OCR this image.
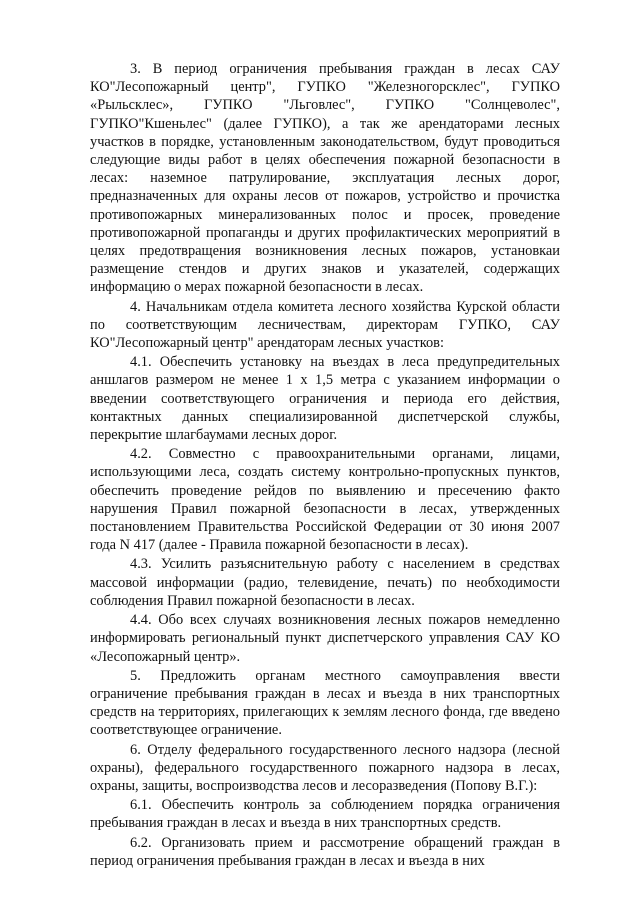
3. В период ограничения пребывания граждан в лесах САУ КО"Лесопожарный центр", ГУПКО "Железногорсклес", ГУПКО «Рыльсклес», ГУПКО "Льговлес", ГУПКО "Солнцеволес", ГУПКО"Кшеньлес" (далее ГУПКО), а так же арендаторами лесных участков в порядке, установленным законодательством, будут проводиться следующие виды работ в целях обеспечения пожарной безопасности в лесах: наземное патрулирование, эксплуатация лесных дорог, предназначенных для охраны лесов от пожаров, устройство и прочистка противопожарных минерализованных полос и просек, проведение противопожарной пропаганды и других профилактических мероприятий в целях предотвращения возникновения лесных пожаров, установкаи размещение стендов и других знаков и указателей, содержащих информацию о мерах пожарной безопасности в лесах.

4. Начальникам отдела комитета лесного хозяйства Курской области по соответствующим лесничествам, директорам ГУПКО, САУ КО"Лесопожарный центр" арендаторам лесных участков:

4.1. Обеспечить установку на въездах в леса предупредительных аншлагов размером не менее 1 х 1,5 метра с указанием информации о введении соответствующего ограничения и периода его действия, контактных данных специализированной диспетчерской службы, перекрытие шлагбаумами лесных дорог.

4.2. Совместно с правоохранительными органами, лицами, использующими леса, создать систему контрольно-пропускных пунктов, обеспечить проведение рейдов по выявлению и пресечению факто нарушения Правил пожарной безопасности в лесах, утвержденных постановлением Правительства Российской Федерации от 30 июня 2007 года N 417 (далее - Правила пожарной безопасности в лесах).

4.3. Усилить разъяснительную работу с населением в средствах массовой информации (радио, телевидение, печать) по необходимости соблюдения Правил пожарной безопасности в лесах.

4.4. Обо всех случаях возникновения лесных пожаров немедленно информировать региональный пункт диспетчерского управления САУ КО «Лесопожарный центр».

5. Предложить органам местного самоуправления ввести ограничение пребывания граждан в лесах и въезда в них транспортных средств на территориях, прилегающих к землям лесного фонда, где введено соответствующее ограничение.

6. Отделу федерального государственного лесного надзора (лесной охраны), федерального государственного пожарного надзора в лесах, охраны, защиты, воспроизводства лесов и лесоразведения (Попову В.Г.):

6.1. Обеспечить контроль за соблюдением порядка ограничения пребывания граждан в лесах и въезда в них транспортных средств.

6.2. Организовать прием и рассмотрение обращений граждан в период ограничения пребывания граждан в лесах и въезда в них
